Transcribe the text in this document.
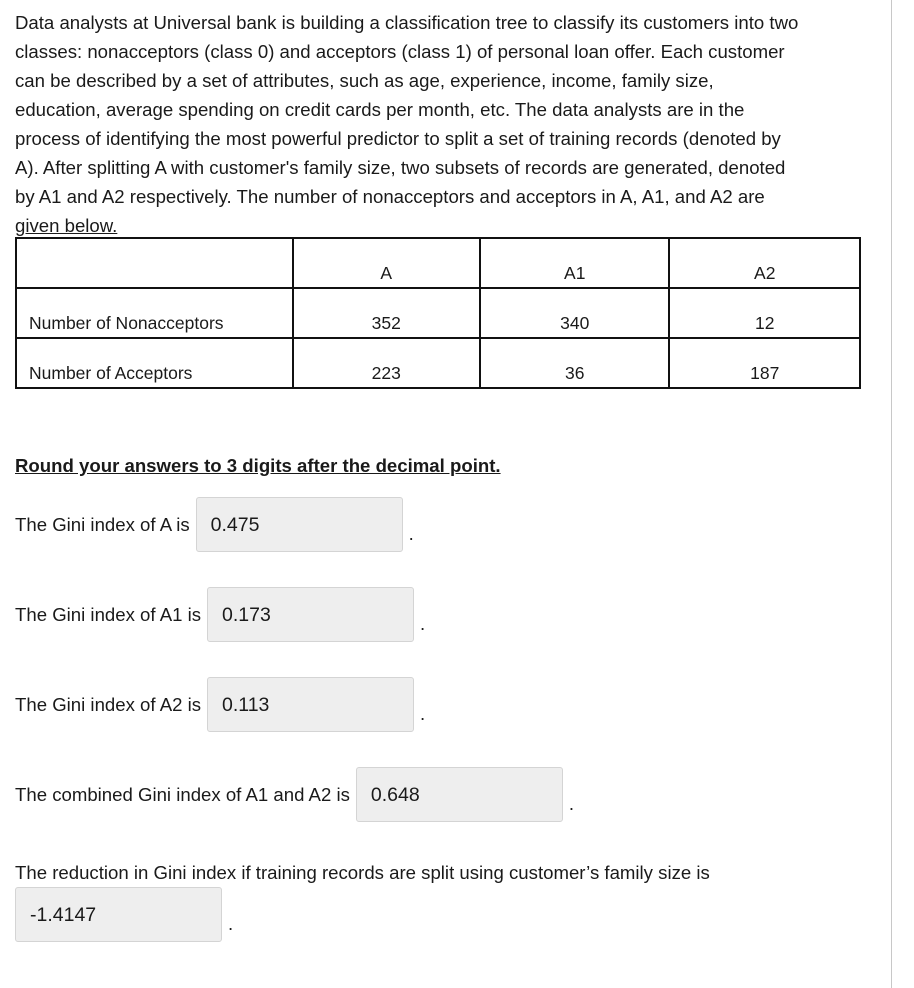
Data analysts at Universal bank is building a classification tree to classify its customers into two
classes: nonacceptors (class 0) and acceptors (class 1) of personal loan offer. Each customer
can be described by a set of attributes, such as age, experience, income, family size,
education, average spending on credit cards per month, etc. The data analysts are in the
process of identifying the most powerful predictor to split a set of training records (denoted by
A). After splitting A with customer's family size, two subsets of records are generated, denoted
by A1 and A2 respectively. The number of nonacceptors and acceptors in A, A1, and A2 are
given below.

	A	A1	A2
Number of Nonacceptors	352	340	12
Number of Acceptors	223	36	187

Round your answers to 3 digits after the decimal point.

The Gini index of A is	0.475	.
The Gini index of A1 is	0.173	.
The Gini index of A2 is	0.113	.
The combined Gini index of A1 and A2 is	0.648	.

The reduction in Gini index if training records are split using customer’s family size is

-1.4147	.
